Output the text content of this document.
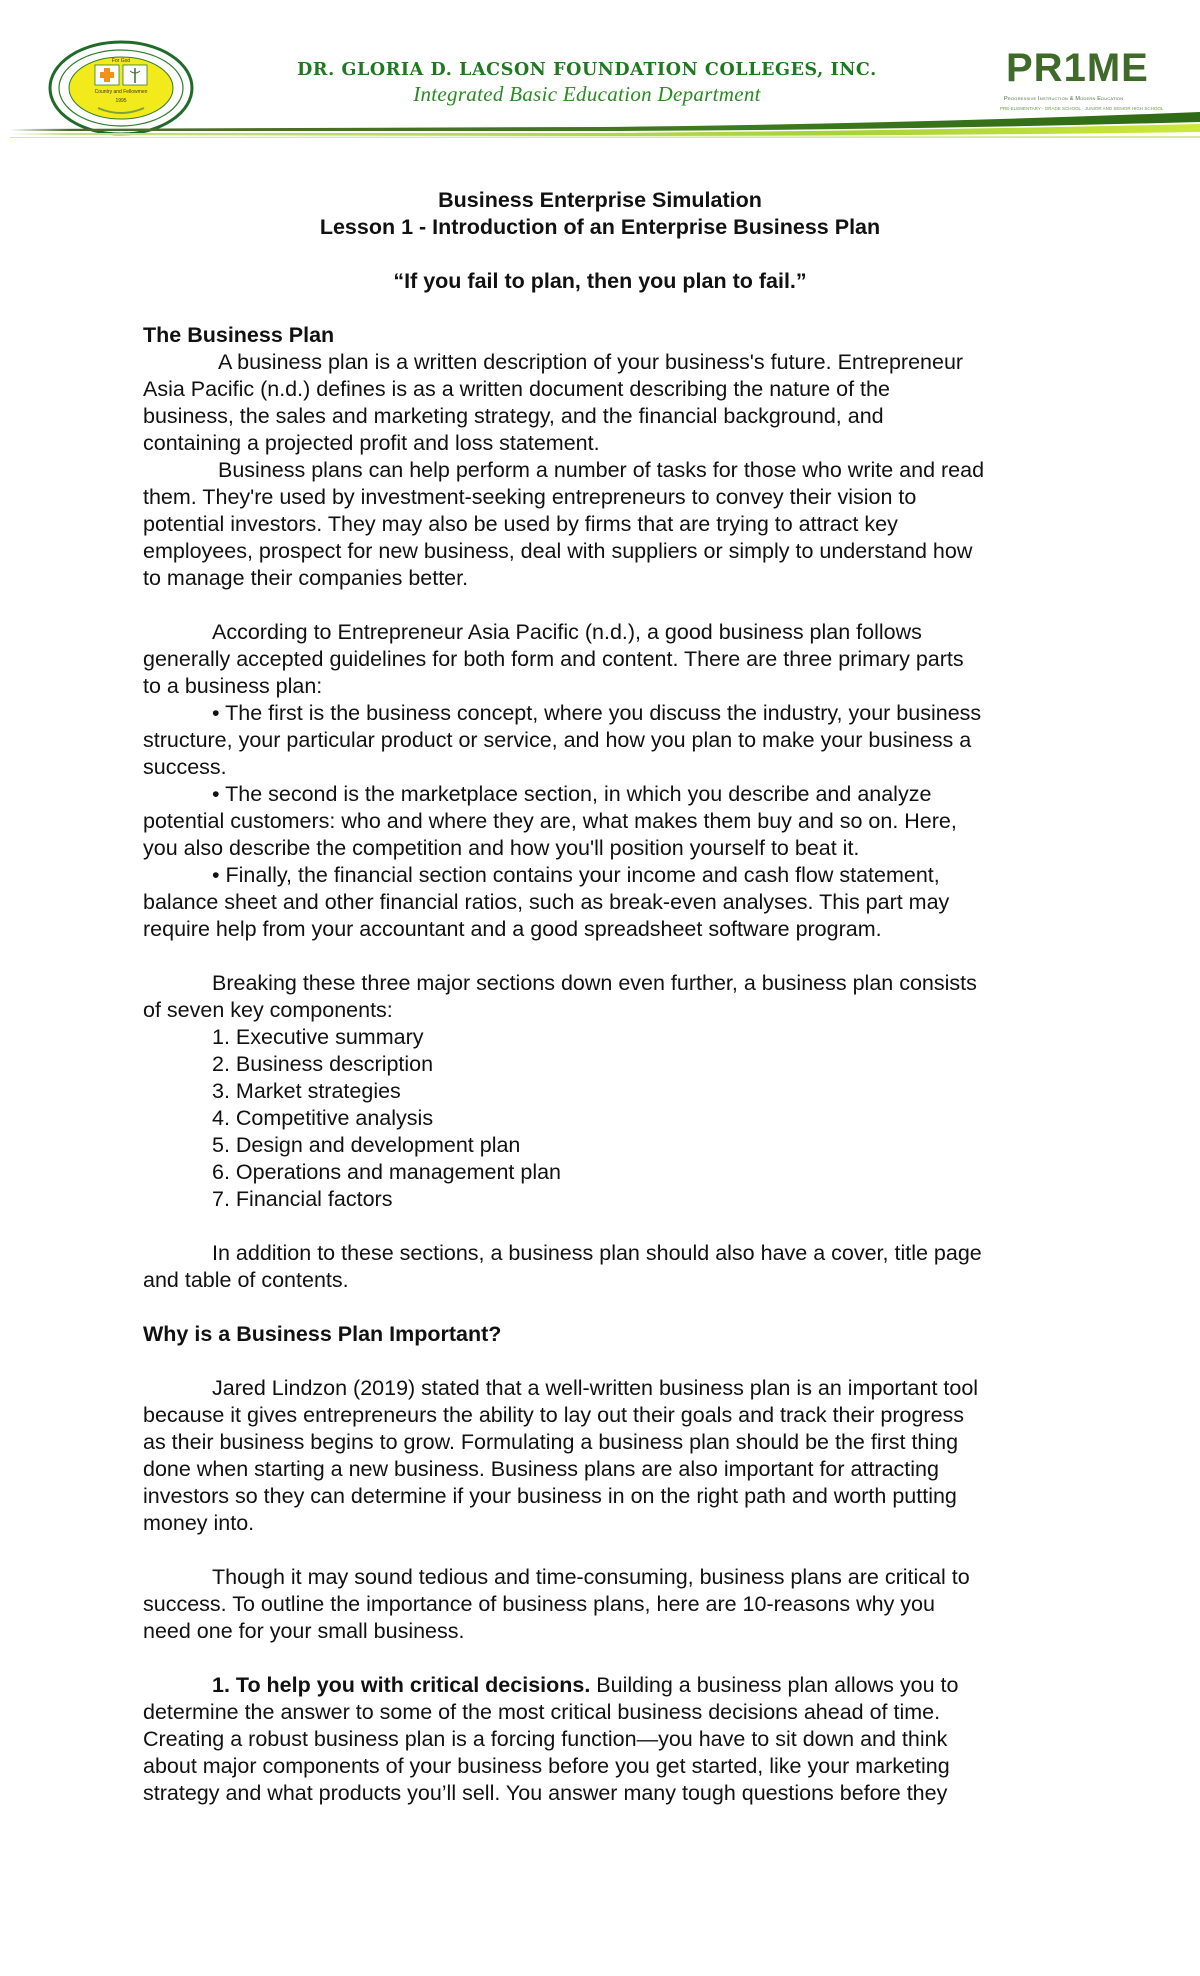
For God
Country and Fellowmen
1995
DR. GLORIA D. LACSON FOUNDATION COLLEGES, INC.
Integrated Basic Education Department
PR1ME
Progressive Instruction & Modern Education
PRE-ELEMENTARY · GRADE SCHOOL · JUNIOR AND SENIOR HIGH SCHOOL
Business Enterprise Simulation
Lesson 1 - Introduction of an Enterprise Business Plan
“If you fail to plan, then you plan to fail.”
The Business Plan
A business plan is a written description of your business's future. Entrepreneur
Asia Pacific (n.d.) defines is as a written document describing the nature of the
business, the sales and marketing strategy, and the financial background, and
containing a projected profit and loss statement.
Business plans can help perform a number of tasks for those who write and read
them. They're used by investment-seeking entrepreneurs to convey their vision to
potential investors. They may also be used by firms that are trying to attract key
employees, prospect for new business, deal with suppliers or simply to understand how
to manage their companies better.
According to Entrepreneur Asia Pacific (n.d.), a good business plan follows
generally accepted guidelines for both form and content. There are three primary parts
to a business plan:
• The first is the business concept, where you discuss the industry, your business
structure, your particular product or service, and how you plan to make your business a
success.
• The second is the marketplace section, in which you describe and analyze
potential customers: who and where they are, what makes them buy and so on. Here,
you also describe the competition and how you'll position yourself to beat it.
• Finally, the financial section contains your income and cash flow statement,
balance sheet and other financial ratios, such as break-even analyses. This part may
require help from your accountant and a good spreadsheet software program.
Breaking these three major sections down even further, a business plan consists
of seven key components:
1. Executive summary
2. Business description
3. Market strategies
4. Competitive analysis
5. Design and development plan
6. Operations and management plan
7. Financial factors
In addition to these sections, a business plan should also have a cover, title page
and table of contents.
Why is a Business Plan Important?
Jared Lindzon (2019) stated that a well-written business plan is an important tool
because it gives entrepreneurs the ability to lay out their goals and track their progress
as their business begins to grow. Formulating a business plan should be the first thing
done when starting a new business. Business plans are also important for attracting
investors so they can determine if your business in on the right path and worth putting
money into.
Though it may sound tedious and time-consuming, business plans are critical to
success. To outline the importance of business plans, here are 10-reasons why you
need one for your small business.
1. To help you with critical decisions. Building a business plan allows you to
determine the answer to some of the most critical business decisions ahead of time.
Creating a robust business plan is a forcing function—you have to sit down and think
about major components of your business before you get started, like your marketing
strategy and what products you’ll sell. You answer many tough questions before they
